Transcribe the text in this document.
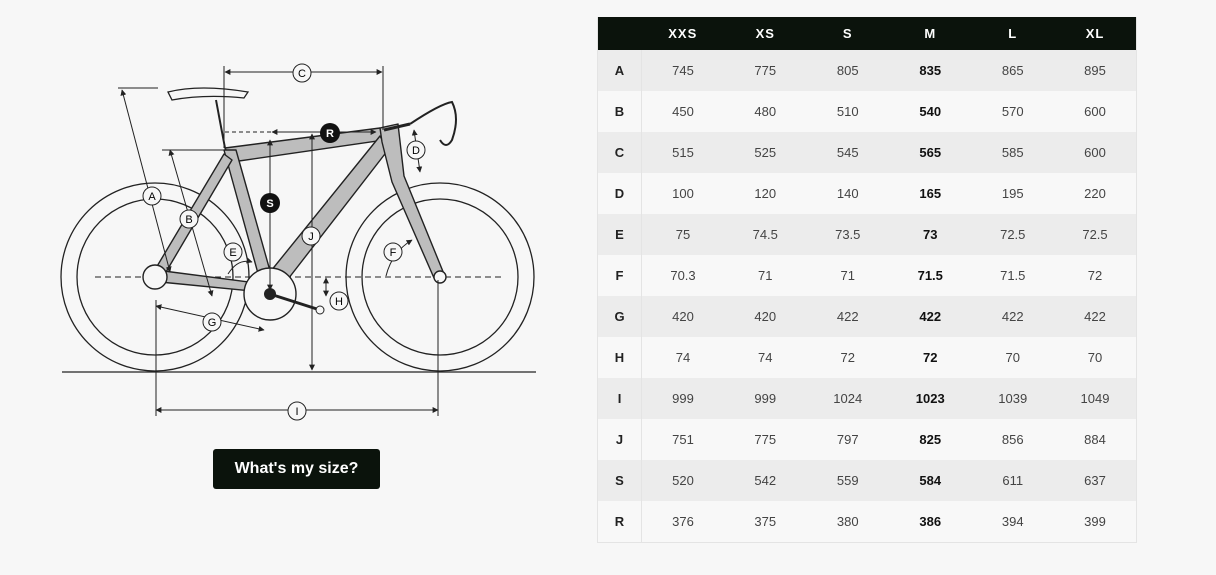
A
B
C
D
E	F
G
H
I
J
S
R
What's my size?
	XXS	XS	S	M	L	XL
A	745	775	805	835	865	895
B	450	480	510	540	570	600
C	515	525	545	565	585	600
D	100	120	140	165	195	220
E	75	74.5	73.5	73	72.5	72.5
F	70.3	71	71	71.5	71.5	72
G	420	420	422	422	422	422
H	74	74	72	72	70	70
I	999	999	1024	1023	1039	1049
J	751	775	797	825	856	884
S	520	542	559	584	611	637
R	376	375	380	386	394	399
